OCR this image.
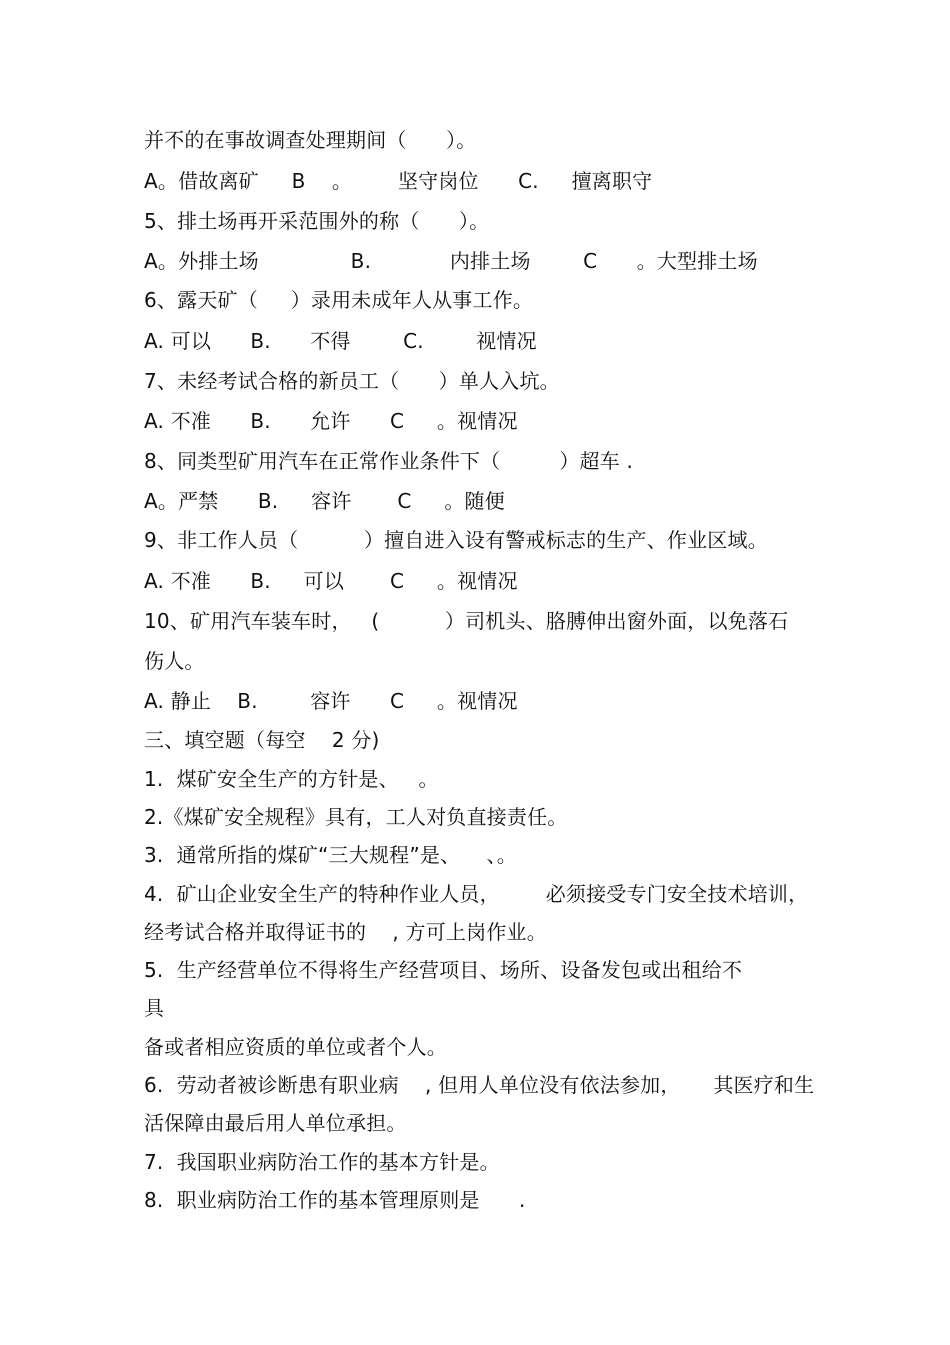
并不的在事故调查处理期间（      ）。
A。借故离矿     B    。       坚守岗位      C.     擅离职守
5、排土场再开采范围外的称（      ）。
A。外排土场              B.            内排土场        C      。大型排土场
6、露天矿（     ）录用未成年人从事工作。
A. 可以      B.      不得        C.        视情况
7、未经考试合格的新员工（      ）单人入坑。
A. 不准      B.      允许      C     。视情况
8、同类型矿用汽车在正常作业条件下（         ）超车 .
A。严禁      B.     容许       C     。随便
9、非工作人员（          ）擅自进入设有警戒标志的生产、作业区域。
A. 不准      B.     可以       C     。视情况
10、矿用汽车装车时，   (          ）司机头、胳膊伸出窗外面，以免落石
伤人。
A. 静止    B.        容许      C     。视情况
三、填空题（每空    2 分)
1.  煤矿安全生产的方针是、   。
2.《煤矿安全规程》具有，工人对负直接责任。
3.  通常所指的煤矿“三大规程”是、    、。
4.  矿山企业安全生产的特种作业人员，       必须接受专门安全技术培训，
经考试合格并取得证书的    , 方可上岗作业。
5.  生产经营单位不得将生产经营项目、场所、设备发包或出租给不
具
备或者相应资质的单位或者个人。
6.  劳动者被诊断患有职业病    , 但用人单位没有依法参加，     其医疗和生
活保障由最后用人单位承担。
7.  我国职业病防治工作的基本方针是。
8.  职业病防治工作的基本管理原则是      .
